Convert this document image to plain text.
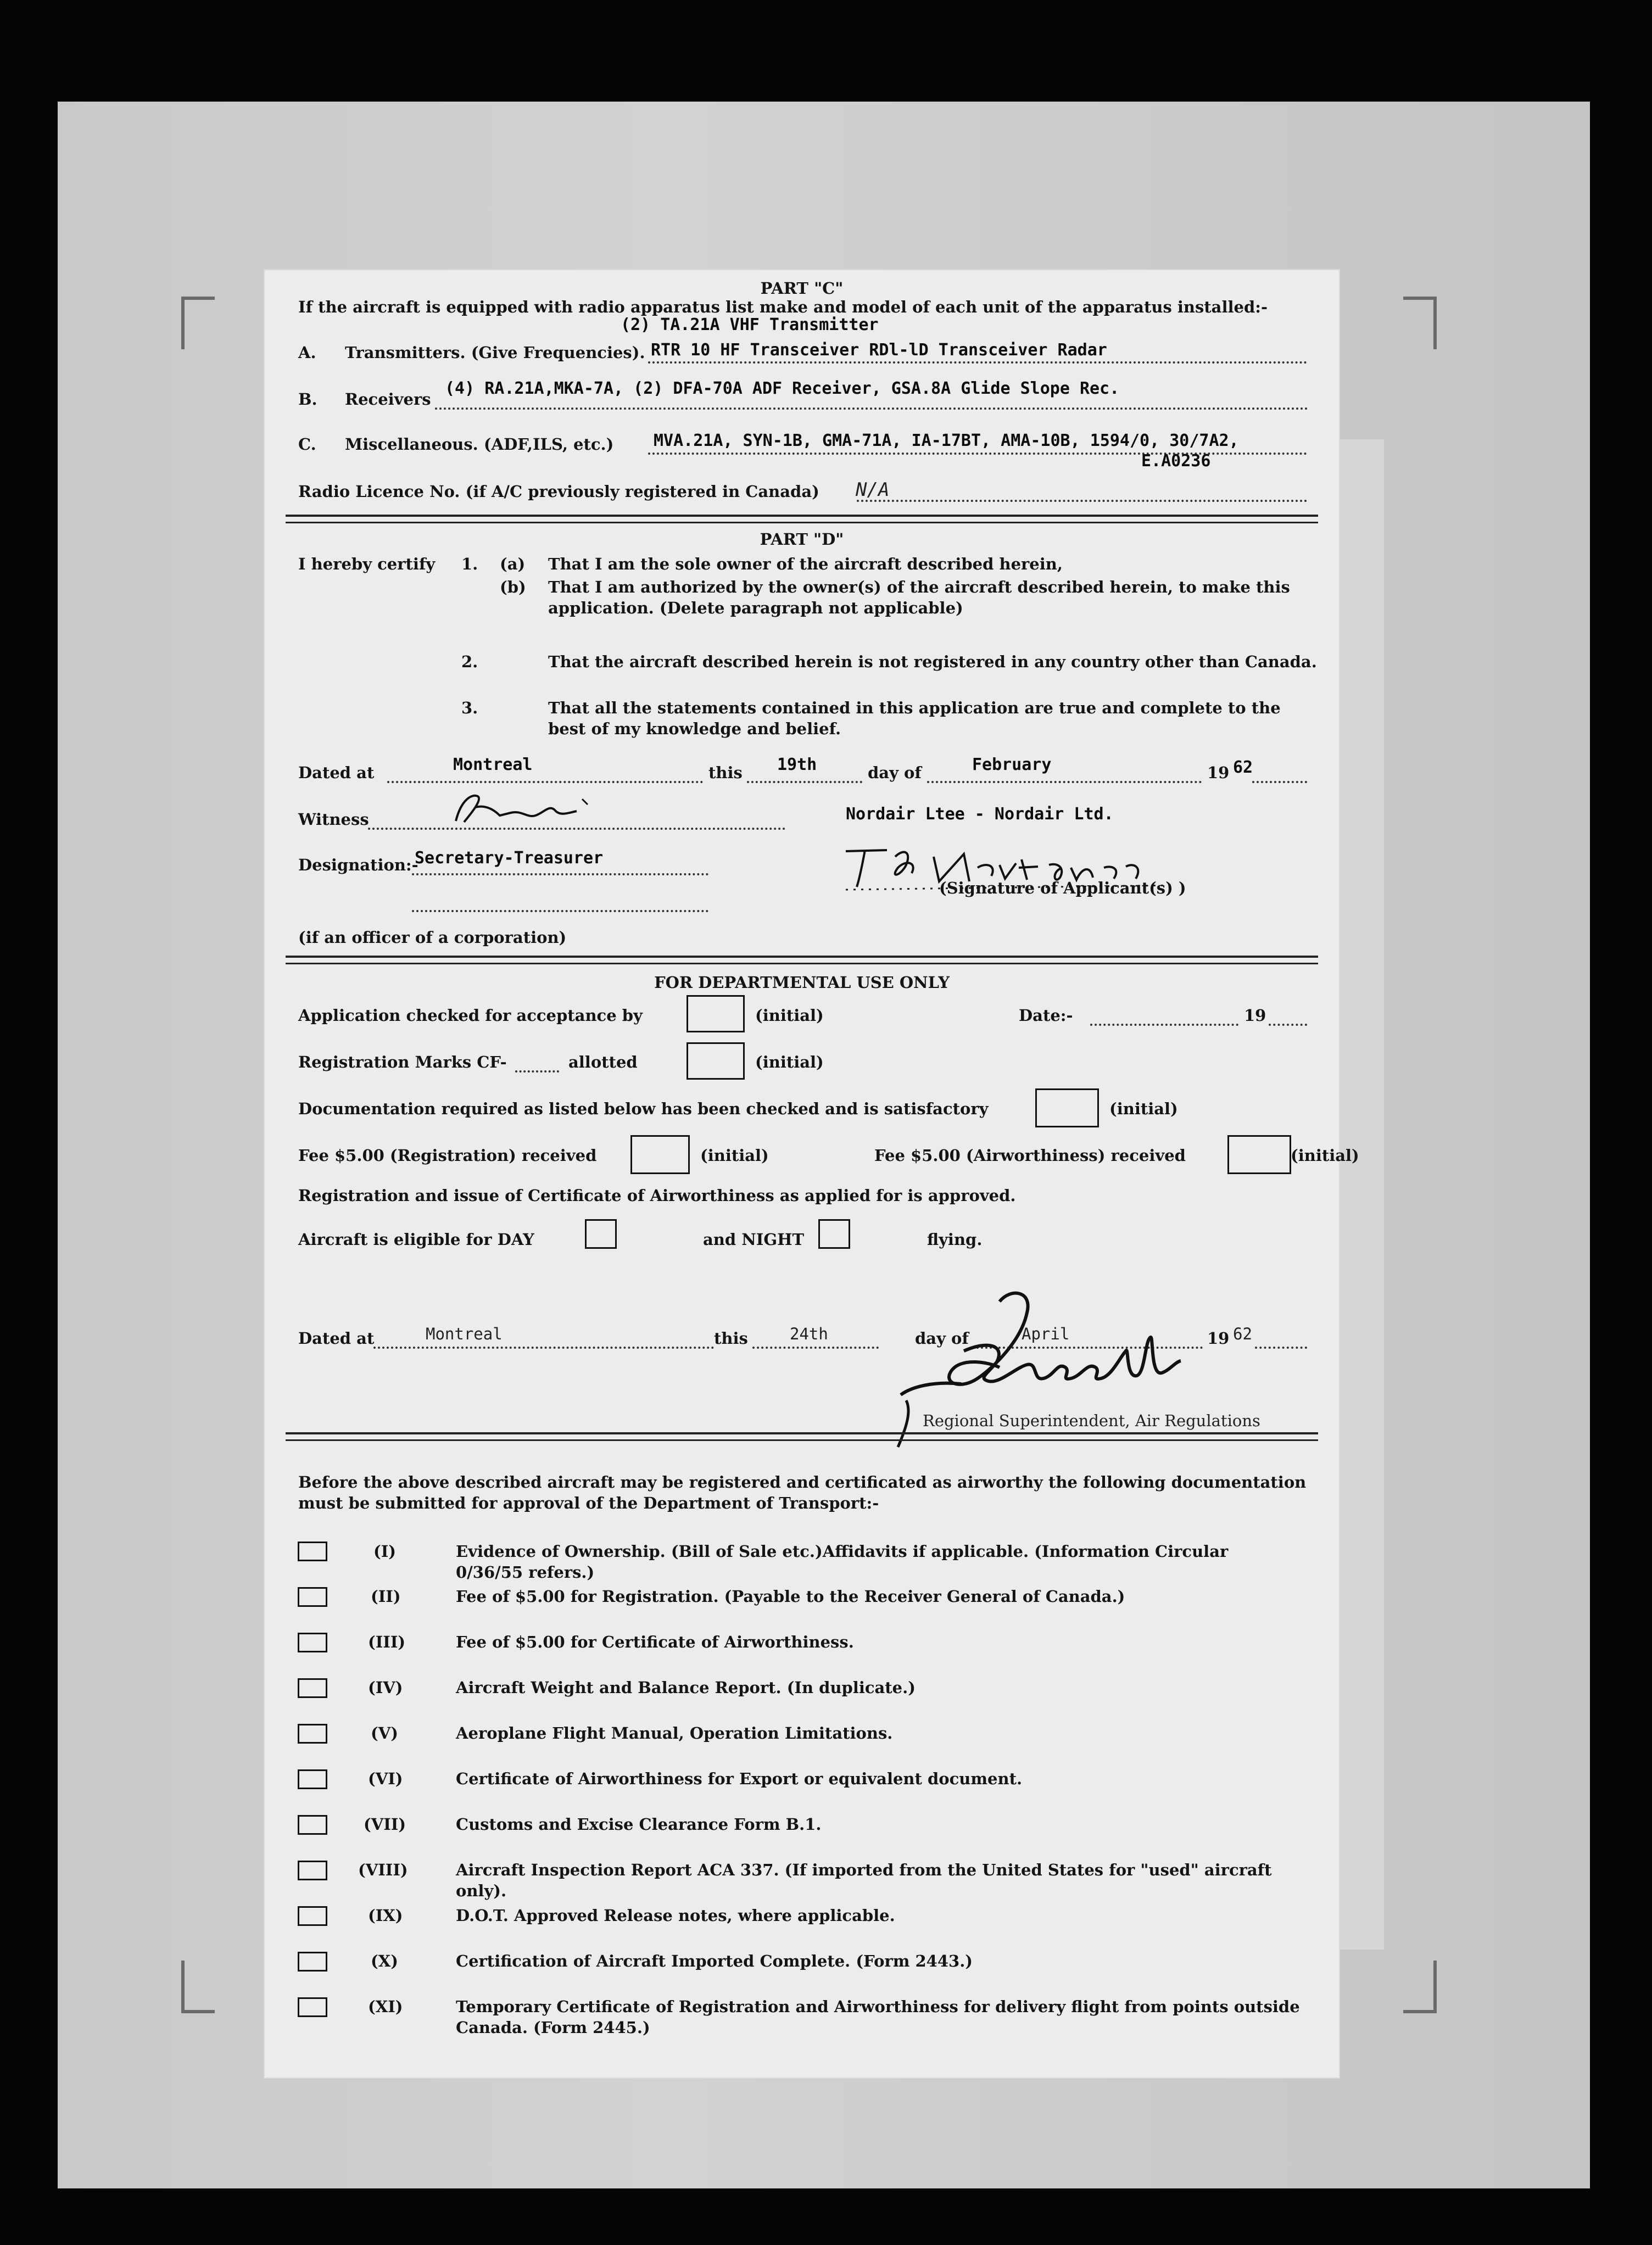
PART "C"
If the aircraft is equipped with radio apparatus list make and model of each unit of the apparatus installed:-
(2) TA.21A VHF Transmitter
A. Transmitters. (Give Frequencies). RTR 10 HF Transceiver RDl-lD Transceiver Radar
B. Receivers
(4) RA.21A,MKA-7A, (2) DFA-70A ADF Receiver, GSA.8A Glide Slope Rec.
C. Miscellaneous. (ADF,ILS, etc.) MVA.21A, SYN-1B, GMA-71A, IA-17BT, AMA-10B, 1594/0, 30/7A2,
E.A0236
Radio Licence No. (if A/C previously registered in Canada) N/A
PART "D"
I hereby certify 1. (a) That I am the sole owner of the aircraft described herein,
(b) That I am authorized by the owner(s) of the aircraft described herein, to make this
application. (Delete paragraph not applicable)
2.	That the aircraft described herein is not registered in any country other than Canada.
3.	That all the statements contained in this application are true and complete to the
best of my knowledge and belief.
Dated at	Montreal	this 19th	day of	February	19 62
Witness	Nordair Ltee - Nordair Ltd.
Designation:-
Secretary-Treasurer
(Signature of Applicant(s) )
(if an officer of a corporation)
FOR DEPARTMENTAL USE ONLY
Application checked for acceptance by	(initial)	Date:-	19
Registration Marks CF-	allotted	(initial)
Documentation required as listed below has been checked and is satisfactory	(initial)
Fee $5.00 (Registration) received	(initial)	Fee $5.00 (Airworthiness) received	(initial)
Registration and issue of Certificate of Airworthiness as applied for is approved.
Aircraft is eligible for DAY	and NIGHT	flying.
Dated at	Montreal	this	24th	day of	April	19 62
Regional Superintendent, Air Regulations
Before the above described aircraft may be registered and certificated as airworthy the following documentation
must be submitted for approval of the Department of Transport:-
(I)	Evidence of Ownership. (Bill of Sale etc.)Affidavits if applicable. (Information Circular
0/36/55 refers.)
(II)	Fee of $5.00 for Registration. (Payable to the Receiver General of Canada.)
(III)	Fee of $5.00 for Certificate of Airworthiness.
(IV)	Aircraft Weight and Balance Report. (In duplicate.)
(V)	Aeroplane Flight Manual, Operation Limitations.
(VI)	Certificate of Airworthiness for Export or equivalent document.
(VII)	Customs and Excise Clearance Form B.1.
(VIII)	Aircraft Inspection Report ACA 337. (If imported from the United States for "used" aircraft
only).
(IX)	D.O.T. Approved Release notes, where applicable.
(X)	Certification of Aircraft Imported Complete. (Form 2443.)
(XI)	Temporary Certificate of Registration and Airworthiness for delivery flight from points outside
Canada. (Form 2445.)
